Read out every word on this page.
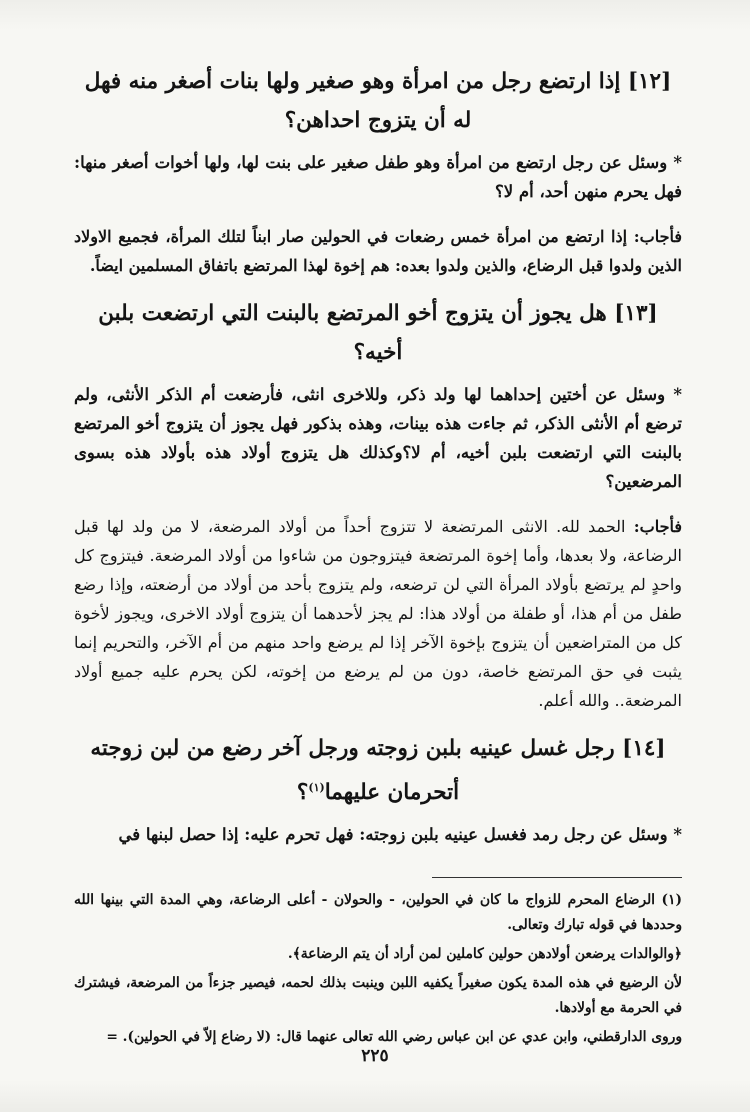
[١٢] إذا ارتضع رجل من امرأة وهو صغير ولها بنات أصغر منه فهل له أن يتزوج احداهن؟

* وسئل عن رجل ارتضع من امرأة وهو طفل صغير على بنت لها، ولها أخوات أصغر منها: فهل يحرم منهن أحد، أم لا؟

فأجاب: إذا ارتضع من امرأة خمس رضعات في الحولين صار ابناً لتلك المرأة، فجميع الاولاد الذين ولدوا قبل الرضاع، والذين ولدوا بعده: هم إخوة لهذا المرتضع باتفاق المسلمين ايضاً.

[١٣] هل يجوز أن يتزوج أخو المرتضع بالبنت التي ارتضعت بلبن أخيه؟

* وسئل عن أختين إحداهما لها ولد ذكر، وللاخرى انثى، فأرضعت أم الذكر الأنثى، ولم ترضع أم الأنثى الذكر، ثم جاءت هذه بينات، وهذه بذكور فهل يجوز أن يتزوج أخو المرتضع بالبنت التي ارتضعت بلبن أخيه، أم لا؟وكذلك هل يتزوج أولاد هذه بأولاد هذه بسوى المرضعين؟

فأجاب: الحمد لله. الانثى المرتضعة لا تتزوج أحداً من أولاد المرضعة، لا من ولد لها قبل الرضاعة، ولا بعدها، وأما إخوة المرتضعة فيتزوجون من شاءوا من أولاد المرضعة. فيتزوج كل واحدٍ لم يرتضع بأولاد المرأة التي لن ترضعه، ولم يتزوج بأحد من أولاد من أرضعته، وإذا رضع طفل من أم هذا، أو طفلة من أولاد هذا: لم يجز لأحدهما أن يتزوج أولاد الاخرى، ويجوز لأخوة كل من المتراضعين أن يتزوج بإخوة الآخر إذا لم يرضع واحد منهم من أم الآخر، والتحريم إنما يثبت في حق المرتضع خاصة، دون من لم يرضع من إخوته، لكن يحرم عليه جميع أولاد المرضعة.. والله أعلم.

[١٤] رجل غسل عينيه بلبن زوجته ورجل آخر رضع من لبن زوجته أتحرمان عليهما$^{(١)}$؟

* وسئل عن رجل رمد فغسل عينيه بلبن زوجته: فهل تحرم عليه: إذا حصل لبنها في

(١) الرضاع المحرم للزواج ما كان في الحولين، - والحولان - أعلى الرضاعة، وهي المدة التي بينها الله وحددها في قوله تبارك وتعالى.

﴿والوالدات يرضعن أولادهن حولين كاملين لمن أراد أن يتم الرضاعة﴾.

لأن الرضيع في هذه المدة يكون صغيراً يكفيه اللبن وينبت بذلك لحمه، فيصير جزءاً من المرضعة، فيشترك في الحرمة مع أولادها.

وروى الدارقطني، وابن عدي عن ابن عباس رضي الله تعالى عنهما قال: (لا رضاع إلاّ في الحولين). =

٢٢٥
